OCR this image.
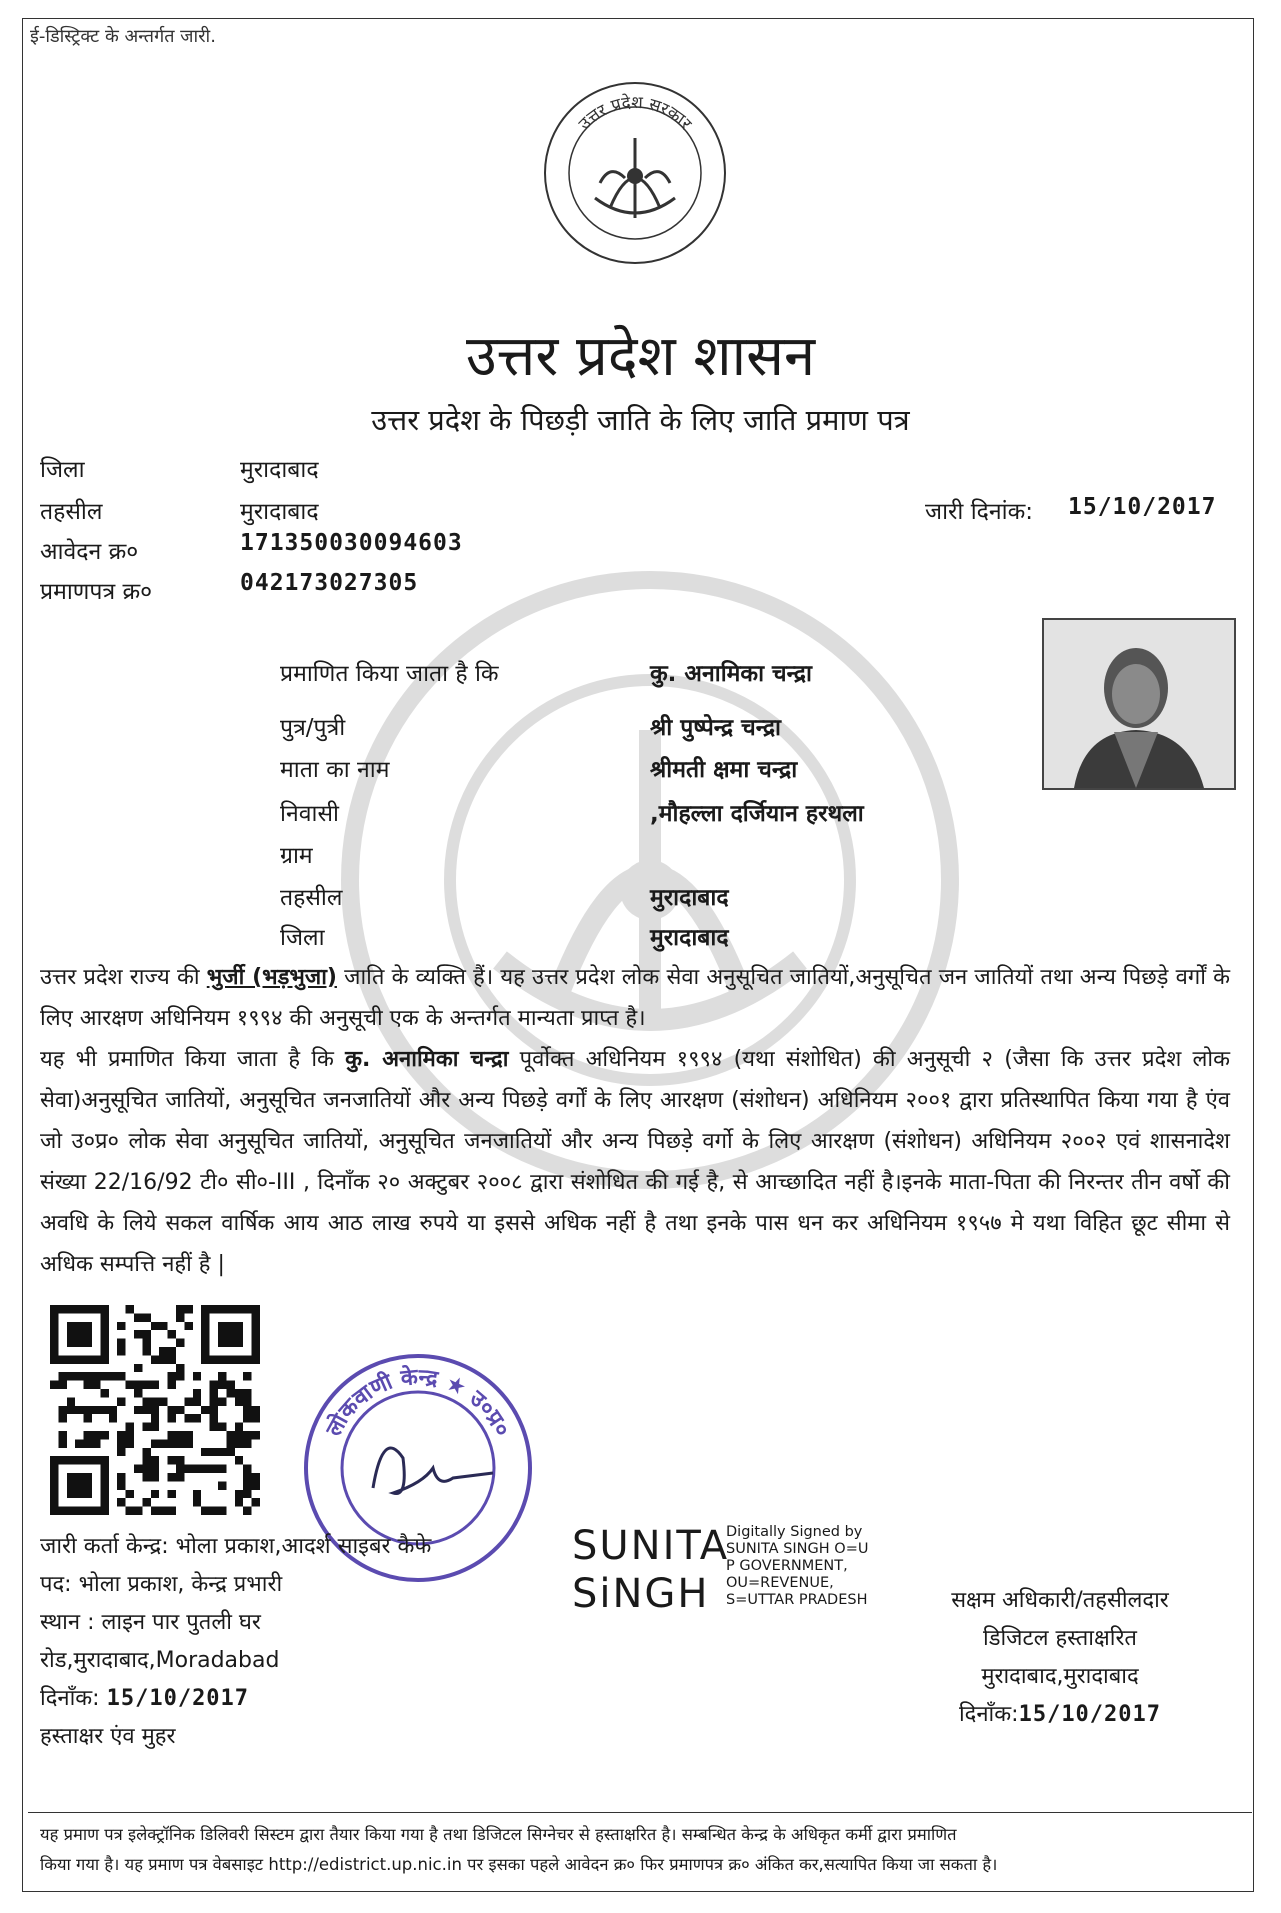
ई-डिस्ट्रिक्ट के अन्तर्गत जारी.
उत्तर प्रदेश सरकार
उत्तर प्रदेश शासन
उत्तर प्रदेश के पिछड़ी जाति के लिए जाति प्रमाण पत्र
जिला	मुरादाबाद
तहसील	मुरादाबाद	जारी दिनांक: 15/10/2017
आवेदन क्र०	171350030094603
प्रमाणपत्र क्र०	042173027305
प्रमाणित किया जाता है कि	कु. अनामिका चन्द्रा
पुत्र/पुत्री	श्री पुष्पेन्द्र चन्द्रा
माता का नाम	श्रीमती क्षमा चन्द्रा
निवासी	,मौहल्ला दर्जियान हरथला
ग्राम
तहसील	मुरादाबाद
जिला	मुरादाबाद
उत्तर प्रदेश राज्य की भुर्जी (भड़भुजा) जाति के व्यक्ति हैं। यह उत्तर प्रदेश लोक सेवा अनुसूचित जातियों,अनुसूचित जन जातियों तथा अन्य पिछड़े वर्गों के लिए आरक्षण अधिनियम १९९४ की अनुसूची एक के अन्तर्गत मान्यता प्राप्त है।
यह भी प्रमाणित किया जाता है कि कु. अनामिका चन्द्रा पूर्वोक्त अधिनियम १९९४ (यथा संशोधित) की अनुसूची २ (जैसा कि उत्तर प्रदेश लोक सेवा)अनुसूचित जातियों, अनुसूचित जनजातियों और अन्य पिछड़े वर्गों के लिए आरक्षण (संशोधन) अधिनियम २००१ द्वारा प्रतिस्थापित किया गया है एंव जो उ०प्र० लोक सेवा अनुसूचित जातियों, अनुसूचित जनजातियों और अन्य पिछड़े वर्गो के लिए आरक्षण (संशोधन) अधिनियम २००२ एवं शासनादेश संख्या 22/16/92 टी० सी०-III , दिनाँक २० अक्टुबर २००८ द्वारा संशोधित की गई है, से आच्छादित नहीं है।इनके माता-पिता की निरन्तर तीन वर्षो की अवधि के लिये सकल वार्षिक आय आठ लाख रुपये या इससे अधिक नहीं है तथा इनके पास धन कर अधिनियम १९५७ मे यथा विहित छूट सीमा से अधिक सम्पत्ति नहीं है |
लोकवाणी केन्द्र ★ उ०प्र०
जारी कर्ता केन्द्र: भोला प्रकाश,आदर्श साइबर कैफे
पद: भोला प्रकाश, केन्द्र प्रभारी
स्थान : लाइन पार पुतली घर
रोड,मुरादाबाद,Moradabad
दिनाँक: 15/10/2017
हस्ताक्षर एंव मुहर
SUNITA
SiNGH
Digitally Signed by
SUNITA SINGH O=U
P GOVERNMENT,
OU=REVENUE,
S=UTTAR PRADESH	सक्षम अधिकारी/तहसीलदार
डिजिटल हस्ताक्षरित
मुरादाबाद,मुरादाबाद
दिनाँक:15/10/2017
यह प्रमाण पत्र इलेक्ट्रॉनिक डिलिवरी सिस्टम द्वारा तैयार किया गया है तथा डिजिटल सिग्नेचर से हस्ताक्षरित है। सम्बन्धित केन्द्र के अधिकृत कर्मी द्वारा प्रमाणित
किया गया है। यह प्रमाण पत्र वेबसाइट http://edistrict.up.nic.in पर इसका पहले आवेदन क्र० फिर प्रमाणपत्र क्र० अंकित कर,सत्यापित किया जा सकता है।
